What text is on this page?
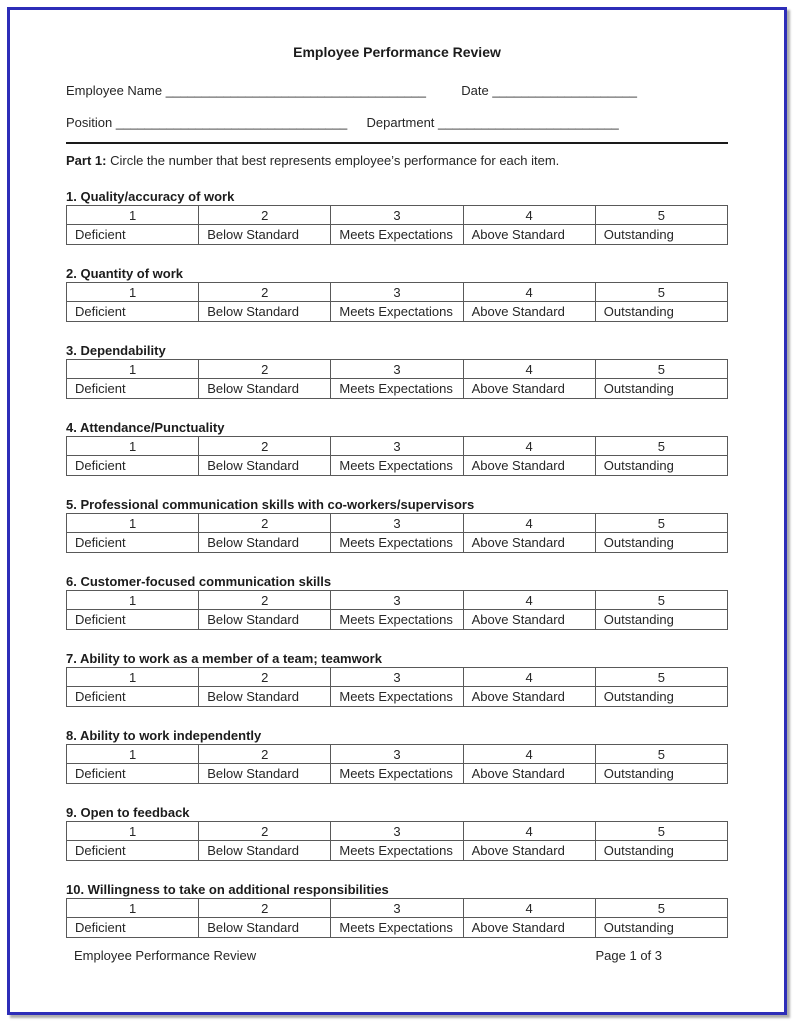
Employee Performance Review
Employee Name ____________________________________	Date ____________________
Position ________________________________ Department _________________________

Part 1: Circle the number that best represents employee’s performance for each item.

1. Quality/accuracy of work
1	2	3	4	5
Deficient	Below Standard	Meets Expectations	Above Standard	Outstanding
2. Quantity of work
1	2	3	4	5
Deficient	Below Standard	Meets Expectations	Above Standard	Outstanding
3. Dependability
1	2	3	4	5
Deficient	Below Standard	Meets Expectations	Above Standard	Outstanding
4. Attendance/Punctuality
1	2	3	4	5
Deficient	Below Standard	Meets Expectations	Above Standard	Outstanding
5. Professional communication skills with co-workers/supervisors
1	2	3	4	5
Deficient	Below Standard	Meets Expectations	Above Standard	Outstanding
6. Customer-focused communication skills
1	2	3	4	5
Deficient	Below Standard	Meets Expectations	Above Standard	Outstanding
7. Ability to work as a member of a team; teamwork
1	2	3	4	5
Deficient	Below Standard	Meets Expectations	Above Standard	Outstanding
8. Ability to work independently
1	2	3	4	5
Deficient	Below Standard	Meets Expectations	Above Standard	Outstanding
9. Open to feedback
1	2	3	4	5
Deficient	Below Standard	Meets Expectations	Above Standard	Outstanding
10. Willingness to take on additional responsibilities
1	2	3	4	5
Deficient	Below Standard	Meets Expectations	Above Standard	Outstanding
Employee Performance Review	Page 1 of 3
